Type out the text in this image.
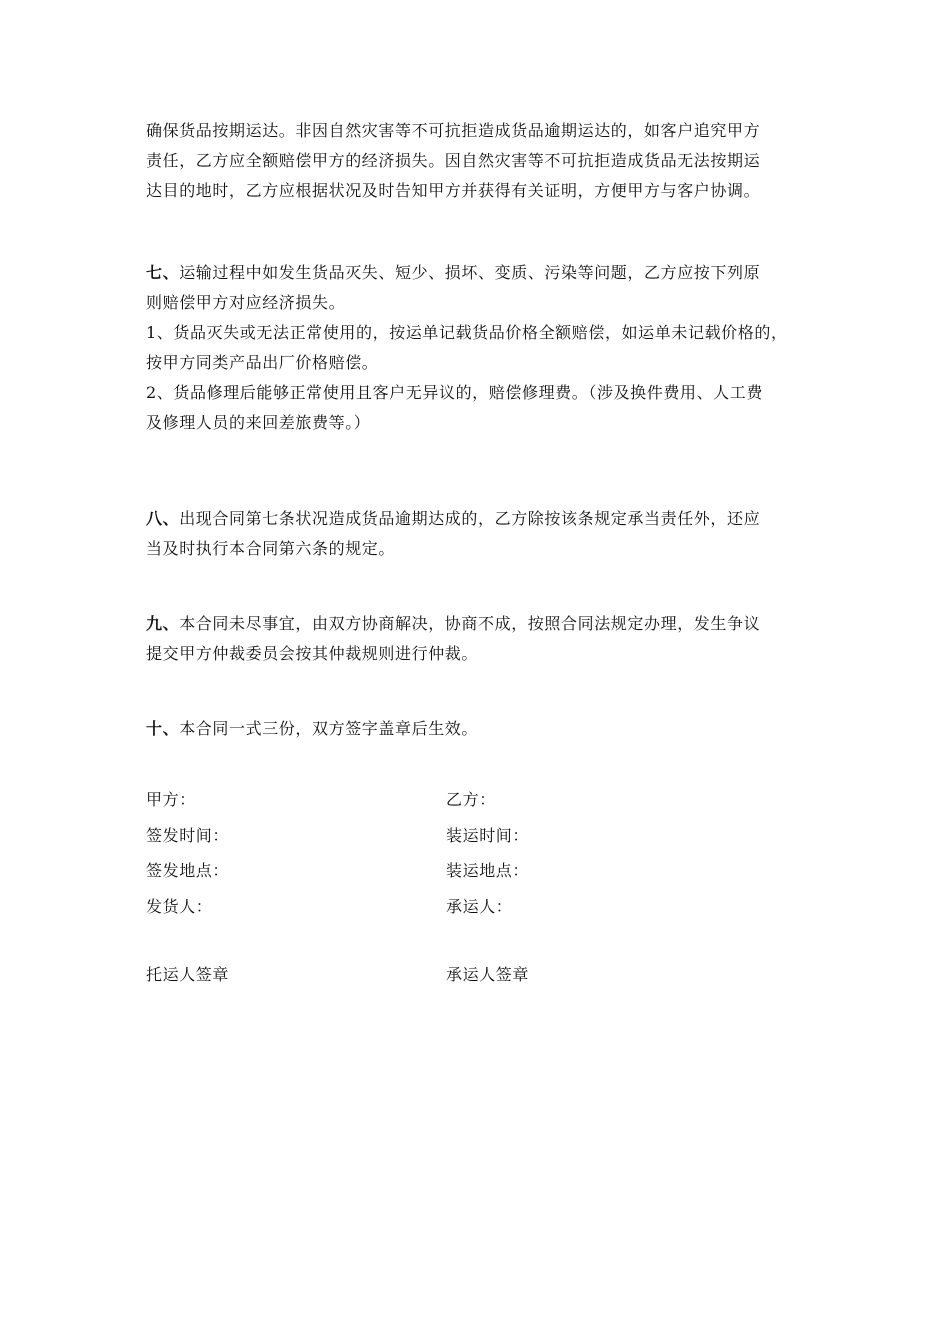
确保货品按期运达。非因自然灾害等不可抗拒造成货品逾期运达的，如客户追究甲方
责任，乙方应全额赔偿甲方的经济损失。因自然灾害等不可抗拒造成货品无法按期运
达目的地时，乙方应根据状况及时告知甲方并获得有关证明，方便甲方与客户协调。
七、运输过程中如发生货品灭失、短少、损坏、变质、污染等问题，乙方应按下列原
则赔偿甲方对应经济损失。
1、货品灭失或无法正常使用的，按运单记载货品价格全额赔偿，如运单未记载价格的，
按甲方同类产品出厂价格赔偿。
2、货品修理后能够正常使用且客户无异议的，赔偿修理费。（涉及换件费用、人工费
及修理人员的来回差旅费等。）
八、出现合同第七条状况造成货品逾期达成的，乙方除按该条规定承当责任外，还应
当及时执行本合同第六条的规定。
九、本合同未尽事宜，由双方协商解决，协商不成，按照合同法规定办理，发生争议
提交甲方仲裁委员会按其仲裁规则进行仲裁。
十、本合同一式三份，双方签字盖章后生效。
甲方：	乙方：
签发时间：	装运时间：
签发地点：	装运地点：
发货人：	承运人：
托运人签章	承运人签章
